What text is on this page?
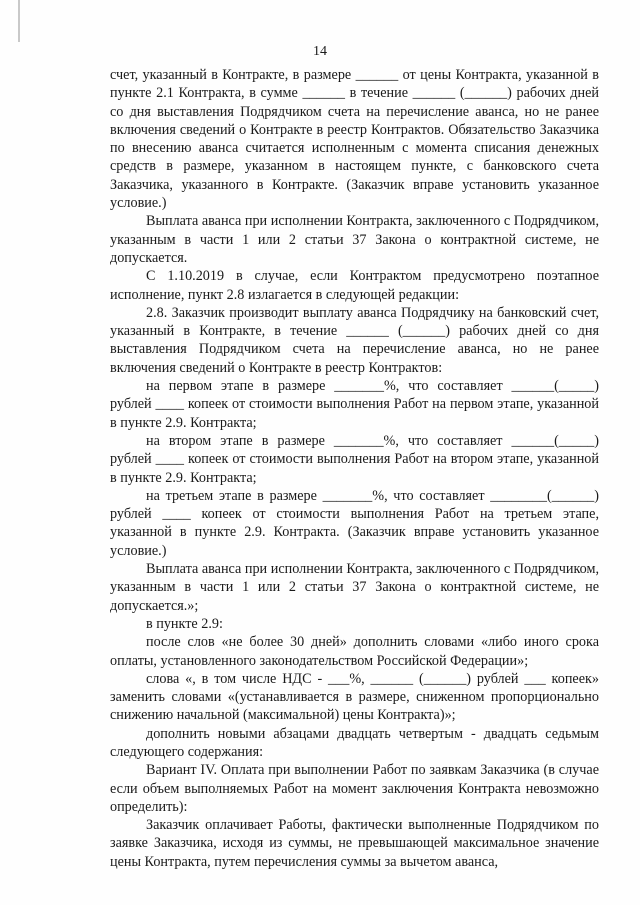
14

счет, указанный в Контракте, в размере ______ от цены Контракта, указанной в пункте 2.1 Контракта, в сумме ______ в течение ______ (______) рабочих дней со дня выставления Подрядчиком счета на перечисление аванса, но не ранее включения сведений о Контракте в реестр Контрактов. Обязательство Заказчика по внесению аванса считается исполненным с момента списания денежных средств в размере, указанном в настоящем пункте, с банковского счета Заказчика, указанного в Контракте. (Заказчик вправе установить указанное условие.)

Выплата аванса при исполнении Контракта, заключенного с Подрядчиком, указанным в части 1 или 2 статьи 37 Закона о контрактной системе, не допускается.

С 1.10.2019 в случае, если Контрактом предусмотрено поэтапное исполнение, пункт 2.8 излагается в следующей редакции:

2.8. Заказчик производит выплату аванса Подрядчику на банковский счет, указанный в Контракте, в течение ______ (______) рабочих дней со дня выставления Подрядчиком счета на перечисление аванса, но не ранее включения сведений о Контракте в реестр Контрактов:

на первом этапе в размере _______%, что составляет ______(_____) рублей ____ копеек от стоимости выполнения Работ на первом этапе, указанной в пункте 2.9. Контракта;

на втором этапе в размере _______%, что составляет ______(_____) рублей ____ копеек от стоимости выполнения Работ на втором этапе, указанной в пункте 2.9. Контракта;

на третьем этапе в размере _______%, что составляет ________(______) рублей ____ копеек от стоимости выполнения Работ на третьем этапе, указанной в пункте 2.9. Контракта. (Заказчик вправе установить указанное условие.)

Выплата аванса при исполнении Контракта, заключенного с Подрядчиком, указанным в части 1 или 2 статьи 37 Закона о контрактной системе, не допускается.»;

в пункте 2.9:

после слов «не более 30 дней» дополнить словами «либо иного срока оплаты, установленного законодательством Российской Федерации»;

слова «, в том числе НДС - ___%, ______ (______) рублей ___ копеек» заменить словами «(устанавливается в размере, сниженном пропорционально снижению начальной (максимальной) цены Контракта)»;

дополнить новыми абзацами двадцать четвертым - двадцать седьмым следующего содержания:

Вариант IV. Оплата при выполнении Работ по заявкам Заказчика (в случае если объем выполняемых Работ на момент заключения Контракта невозможно определить):

Заказчик оплачивает Работы, фактически выполненные Подрядчиком по заявке Заказчика, исходя из суммы, не превышающей максимальное значение цены Контракта, путем перечисления суммы за вычетом аванса,
